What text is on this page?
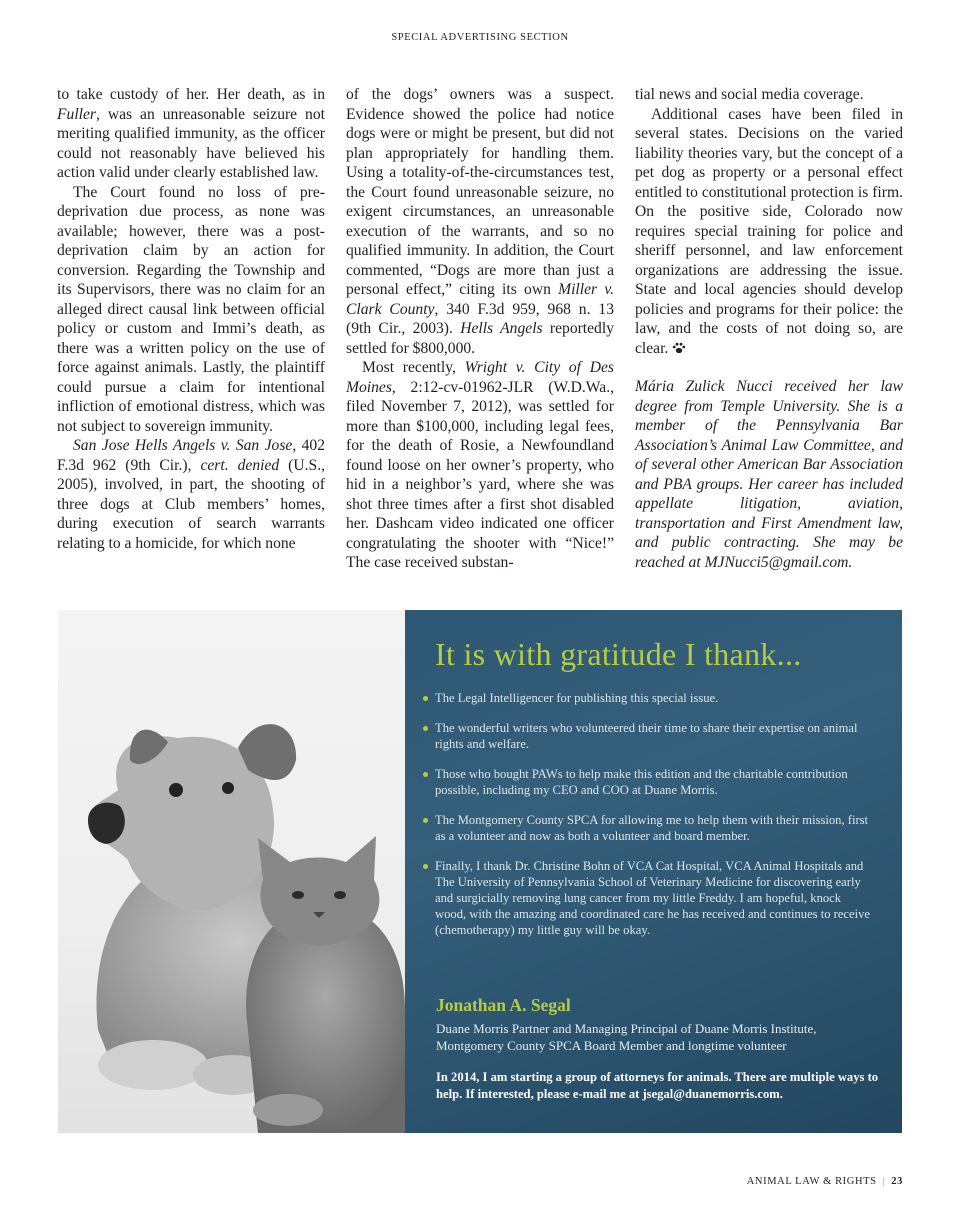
SPECIAL ADVERTISING SECTION

to take custody of her. Her death, as in Fuller, was an unreasonable seizure not meriting qualified immunity, as the officer could not reasonably have believed his action valid under clearly established law.

The Court found no loss of pre-deprivation due process, as none was available; however, there was a post-deprivation claim by an action for conversion. Regarding the Township and its Supervisors, there was no claim for an alleged direct causal link between official policy or custom and Immi’s death, as there was a written policy on the use of force against animals. Lastly, the plaintiff could pursue a claim for intentional infliction of emotional distress, which was not subject to sovereign immunity.

San Jose Hells Angels v. San Jose, 402 F.3d 962 (9th Cir.), cert. denied (U.S., 2005), involved, in part, the shooting of three dogs at Club members’ homes, during execution of search warrants relating to a homicide, for which none

of the dogs’ owners was a suspect. Evidence showed the police had notice dogs were or might be present, but did not plan appropriately for handling them. Using a totality-of-the-circumstances test, the Court found unreasonable seizure, no exigent circumstances, an unreasonable execution of the warrants, and so no qualified immunity. In addition, the Court commented, “Dogs are more than just a personal effect,” citing its own Miller v. Clark County, 340 F.3d 959, 968 n. 13 (9th Cir., 2003). Hells Angels reportedly settled for $800,000.

Most recently, Wright v. City of Des Moines, 2:12-cv-01962-JLR (W.D.Wa., filed November 7, 2012), was settled for more than $100,000, including legal fees, for the death of Rosie, a Newfoundland found loose on her owner’s property, who hid in a neighbor’s yard, where she was shot three times after a first shot disabled her. Dashcam video indicated one officer congratulating the shooter with “Nice!” The case received substan-

tial news and social media coverage.

Additional cases have been filed in several states. Decisions on the varied liability theories vary, but the concept of a pet dog as property or a personal effect entitled to constitutional protection is firm. On the positive side, Colorado now requires special training for police and sheriff personnel, and law enforcement organizations are addressing the issue. State and local agencies should develop policies and programs for their police: the law, and the costs of not doing so, are clear.

Mária Zulick Nucci received her law degree from Temple University. She is a member of the Pennsylvania Bar Association’s Animal Law Committee, and of several other American Bar Association and PBA groups. Her career has included appellate litigation, aviation, transportation and First Amendment law, and public contracting. She may be reached at MJNucci5@gmail.com.

It is with gratitude I thank...
The Legal Intelligencer for publishing this special issue.
The wonderful writers who volunteered their time to share their expertise on animal rights and welfare.
Those who bought PAWs to help make this edition and the charitable contribution possible, including my CEO and COO at Duane Morris.
The Montgomery County SPCA for allowing me to help them with their mission, first as a volunteer and now as both a volunteer and board member.
Finally, I thank Dr. Christine Bohn of VCA Cat Hospital, VCA Animal Hospitals and The University of Pennsylvania School of Veterinary Medicine for discovering early and surgicially removing lung cancer from my little Freddy. I am hopeful, knock wood, with the amazing and coordinated care he has received and continues to receive (chemotherapy) my little guy will be okay.

Jonathan A. Segal

Duane Morris Partner and Managing Principal of Duane Morris Institute, Montgomery County SPCA Board Member and longtime volunteer

In 2014, I am starting a group of attorneys for animals. There are multiple ways to help. If interested, please e-mail me at jsegal@duanemorris.com.

ANIMAL LAW & RIGHTS | 23
